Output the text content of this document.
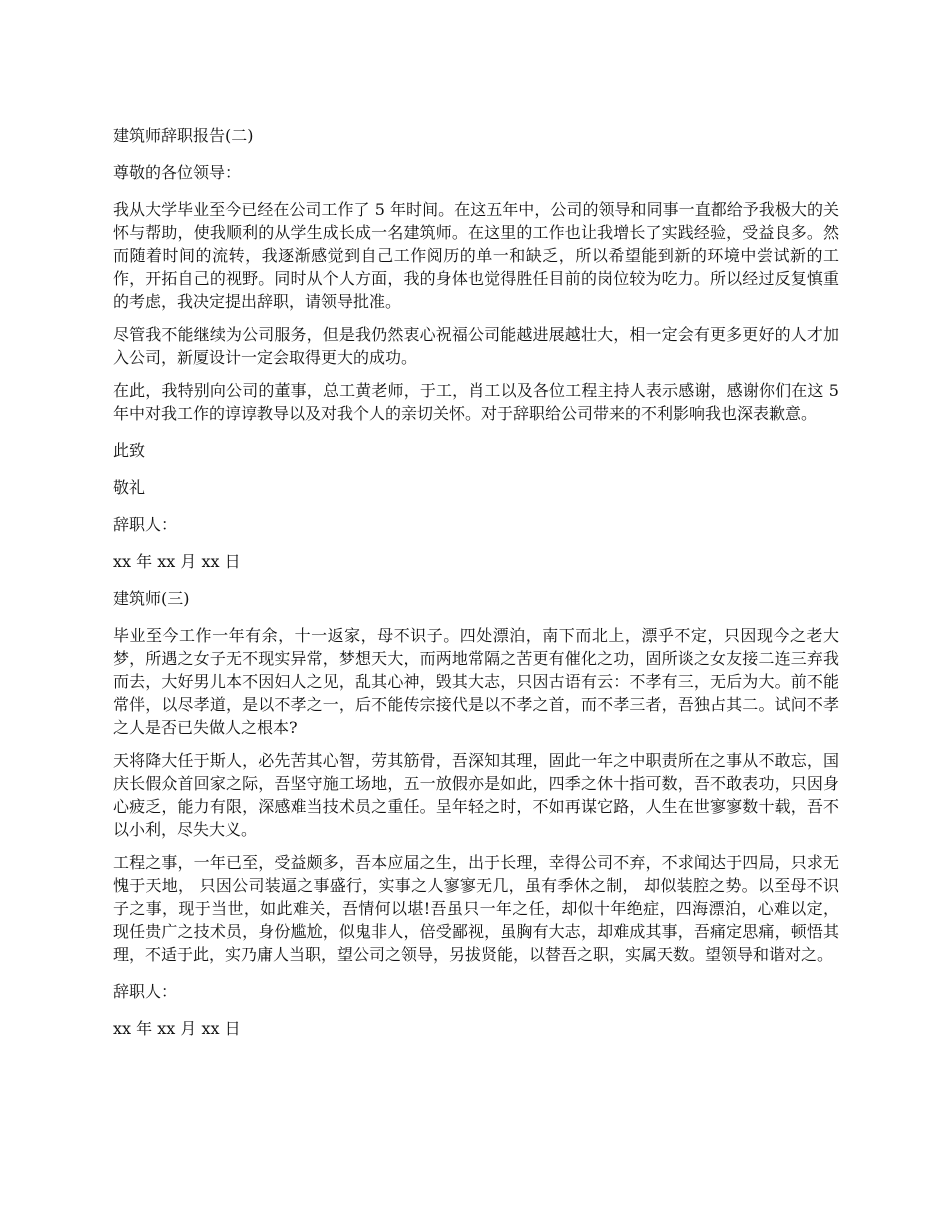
建筑师辞职报告(二)

尊敬的各位领导：

我从大学毕业至今已经在公司工作了 5 年时间。在这五年中，公司的领导和同事一直都给予我极大的关怀与帮助，使我顺利的从学生成长成一名建筑师。在这里的工作也让我增长了实践经验，受益良多。然而随着时间的流转，我逐渐感觉到自己工作阅历的单一和缺乏，所以希望能到新的环境中尝试新的工作，开拓自己的视野。同时从个人方面，我的身体也觉得胜任目前的岗位较为吃力。所以经过反复慎重的考虑，我决定提出辞职，请领导批准。

尽管我不能继续为公司服务，但是我仍然衷心祝福公司能越进展越壮大，相一定会有更多更好的人才加入公司，新厦设计一定会取得更大的成功。

在此，我特别向公司的董事，总工黄老师，于工，肖工以及各位工程主持人表示感谢，感谢你们在这 5 年中对我工作的谆谆教导以及对我个人的亲切关怀。对于辞职给公司带来的不利影响我也深表歉意。

此致

敬礼

辞职人：

xx 年 xx 月 xx 日

建筑师(三)

毕业至今工作一年有余，十一返家，母不识子。四处漂泊，南下而北上，漂乎不定，只因现今之老大梦，所遇之女子无不现实异常，梦想天大，而两地常隔之苦更有催化之功，固所谈之女友接二连三弃我而去，大好男儿本不因妇人之见，乱其心神，毁其大志，只因古语有云：不孝有三，无后为大。前不能常伴，以尽孝道，是以不孝之一，后不能传宗接代是以不孝之首，而不孝三者，吾独占其二。试问不孝之人是否已失做人之根本?

天将降大任于斯人，必先苦其心智，劳其筋骨，吾深知其理，固此一年之中职责所在之事从不敢忘，国庆长假众首回家之际，吾坚守施工场地，五一放假亦是如此，四季之休十指可数，吾不敢表功，只因身心疲乏，能力有限，深感难当技术员之重任。呈年轻之时，不如再谋它路，人生在世寥寥数十载，吾不以小利，尽失大义。

工程之事，一年已至，受益颇多，吾本应届之生，出于长理，幸得公司不弃，不求闻达于四局，只求无愧于天地， 只因公司装逼之事盛行，实事之人寥寥无几，虽有季休之制， 却似装腔之势。以至母不识子之事，现于当世，如此难关，吾情何以堪!吾虽只一年之任，却似十年绝症，四海漂泊，心难以定，现任贵广之技术员，身份尴尬，似鬼非人，倍受鄙视，虽胸有大志，却难成其事，吾痛定思痛，顿悟其理，不适于此，实乃庸人当职，望公司之领导，另拔贤能，以替吾之职，实属天数。望领导和谐对之。

辞职人：

xx 年 xx 月 xx 日
